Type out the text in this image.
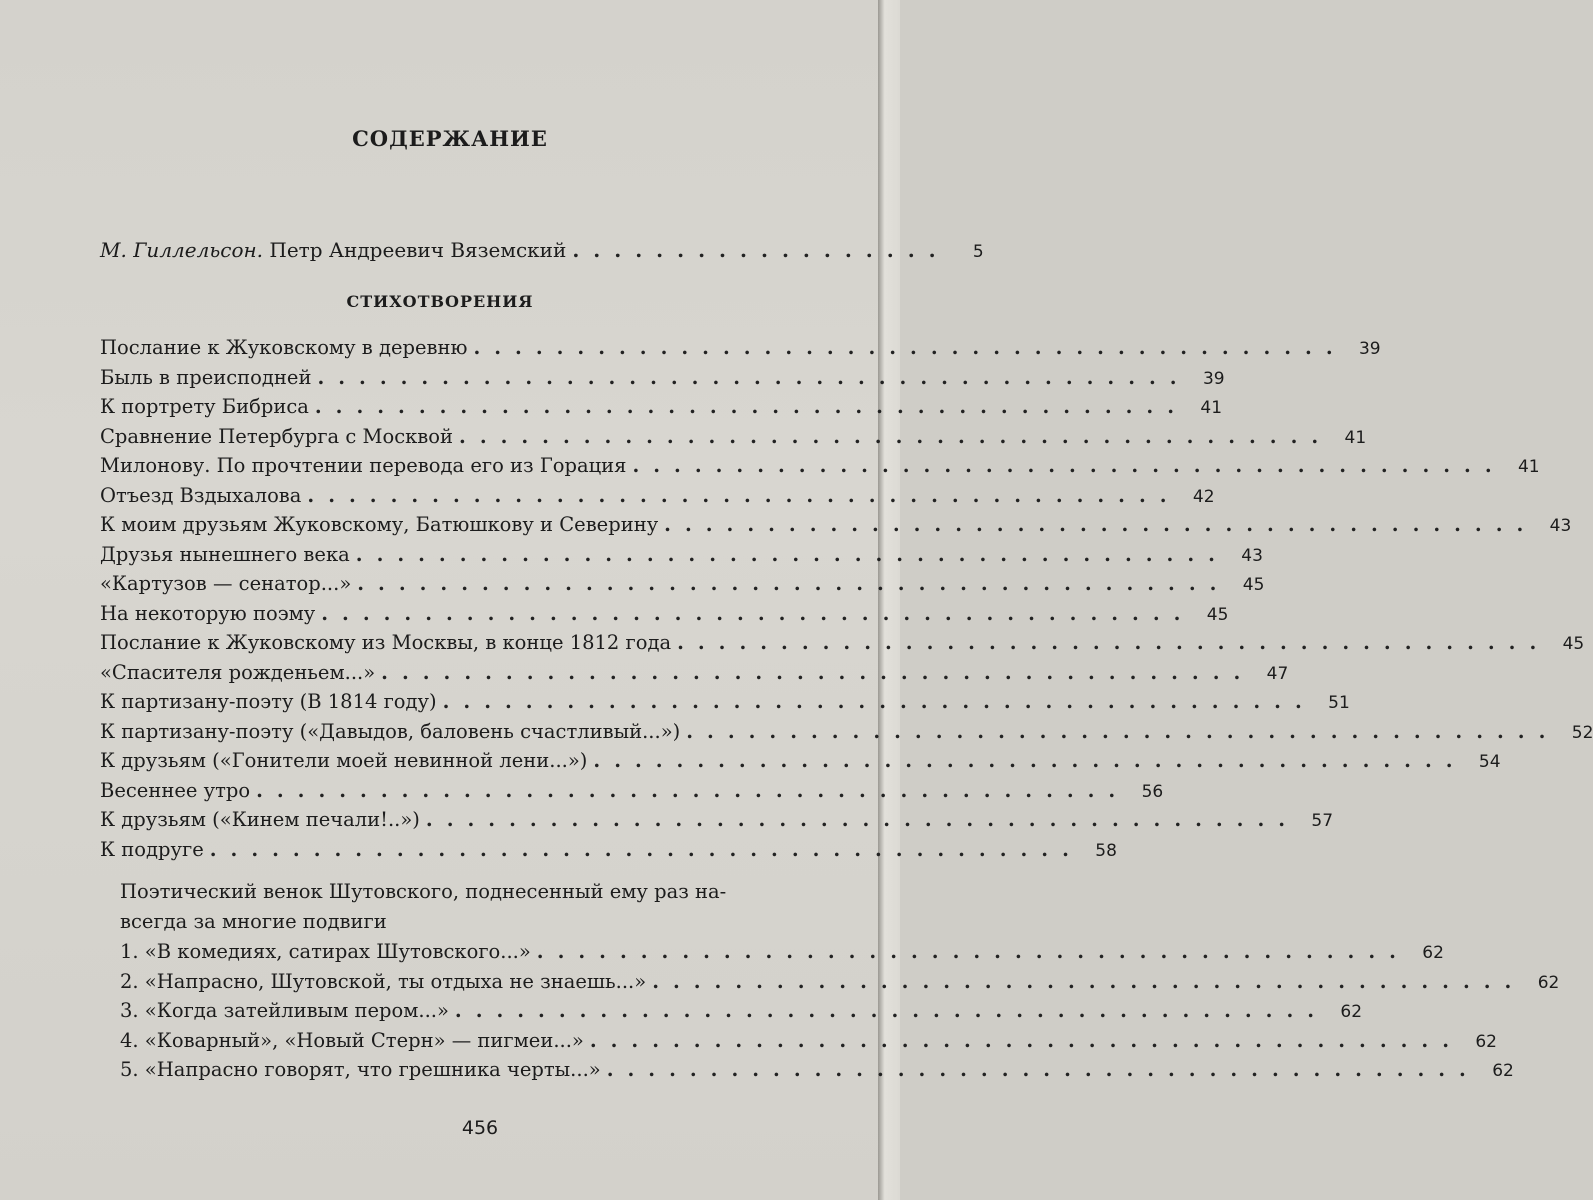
СОДЕРЖАНИЕ
М. Гиллельсон. Петр Андреевич Вяземский ..................	5
СТИХОТВОРЕНИЯ
Послание к Жуковскому в деревню .......................................... 39
Быль в преисподней .......................................... 39
К портрету Бибриса .......................................... 41
Сравнение Петербурга с Москвой .......................................... 41
Милонову. По прочтении перевода его из Горация .......................................... 41
Отъезд Вздыхалова .......................................... 42
К моим друзьям Жуковскому, Батюшкову и Северину .......................................... 43
Друзья нынешнего века .......................................... 43
«Картузов — сенатор...» .......................................... 45
На некоторую поэму .......................................... 45
Послание к Жуковскому из Москвы, в конце 1812 года .......................................... 45
«Спасителя рожденьем...» .......................................... 47
К партизану-поэту (В 1814 году) .......................................... 51
К партизану-поэту («Давыдов, баловень счастливый...») .......................................... 52
К друзьям («Гонители моей невинной лени...») .......................................... 54
Весеннее утро .......................................... 56
К друзьям («Кинем печали!..») .......................................... 57
К подруге .......................................... 58
Поэтический венок Шутовского, поднесенный ему раз на-
всегда за многие подвиги
1. «В комедиях, сатирах Шутовского...» .......................................... 62
2. «Напрасно, Шутовской, ты отдыха не знаешь...» .......................................... 62
3. «Когда затейливым пером...» .......................................... 62
4. «Коварный», «Новый Стерн» — пигмеи...» .......................................... 62
5. «Напрасно говорят, что грешника черты...» .......................................... 62
456
